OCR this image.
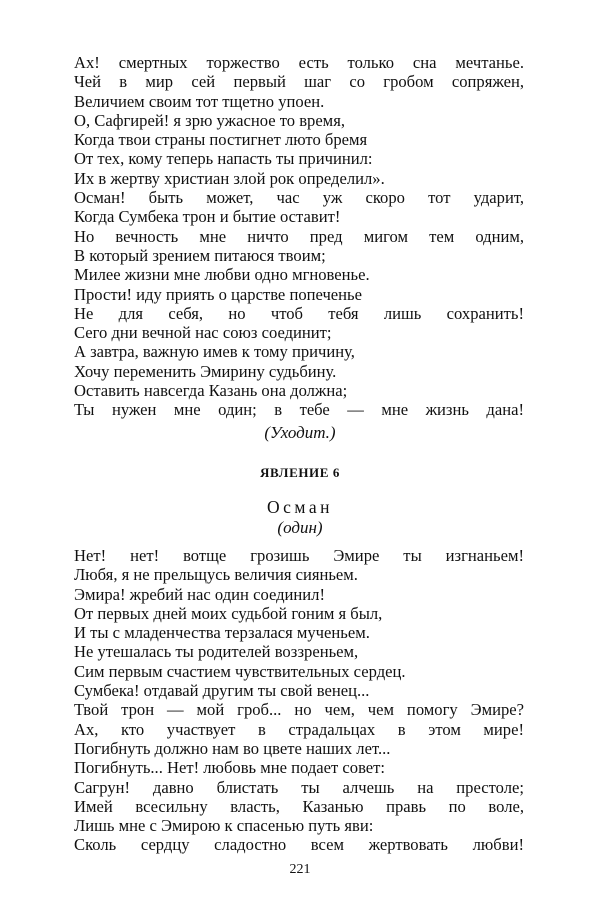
Ах! смертных торжество есть только сна мечтанье.
Чей в мир сей первый шаг со гробом сопряжен,
Величием своим тот тщетно упоен.
О, Сафгирей! я зрю ужасное то время,
Когда твои страны постигнет люто бремя
От тех, кому теперь напасть ты причинил:
Их в жертву христиан злой рок определил».
Осман! быть может, час уж скоро тот ударит,
Когда Сумбека трон и бытие оставит!
Но вечность мне ничто пред мигом тем одним,
В который зрением питаюся твоим;
Милее жизни мне любви одно мгновенье.
Прости! иду приять о царстве попеченье
Не для себя, но чтоб тебя лишь сохранить!
Сего дни вечной нас союз соединит;
А завтра, важную имев к тому причину,
Хочу переменить Эмирину судьбину.
Оставить навсегда Казань она должна;
Ты нужен мне один; в тебе — мне жизнь дана!
(Уходит.)
ЯВЛЕНИЕ 6
Осман
(один)
Нет! нет! вотще грозишь Эмире ты изгнаньем!
Любя, я не прельщусь величия сияньем.
Эмира! жребий нас один соединил!
От первых дней моих судьбой гоним я был,
И ты с младенчества терзалася мученьем.
Не утешалась ты родителей воззреньем,
Сим первым счастием чувствительных сердец.
Сумбека! отдавай другим ты свой венец...
Твой трон — мой гроб... но чем, чем помогу Эмире?
Ах, кто участвует в страдальцах в этом мире!
Погибнуть должно нам во цвете наших лет...
Погибнуть... Нет! любовь мне подает совет:
Сагрун! давно блистать ты алчешь на престоле;
Имей всесильну власть, Казанью правь по воле,
Лишь мне с Эмирою к спасенью путь яви:
Сколь сердцу сладостно всем жертвовать любви!
221
